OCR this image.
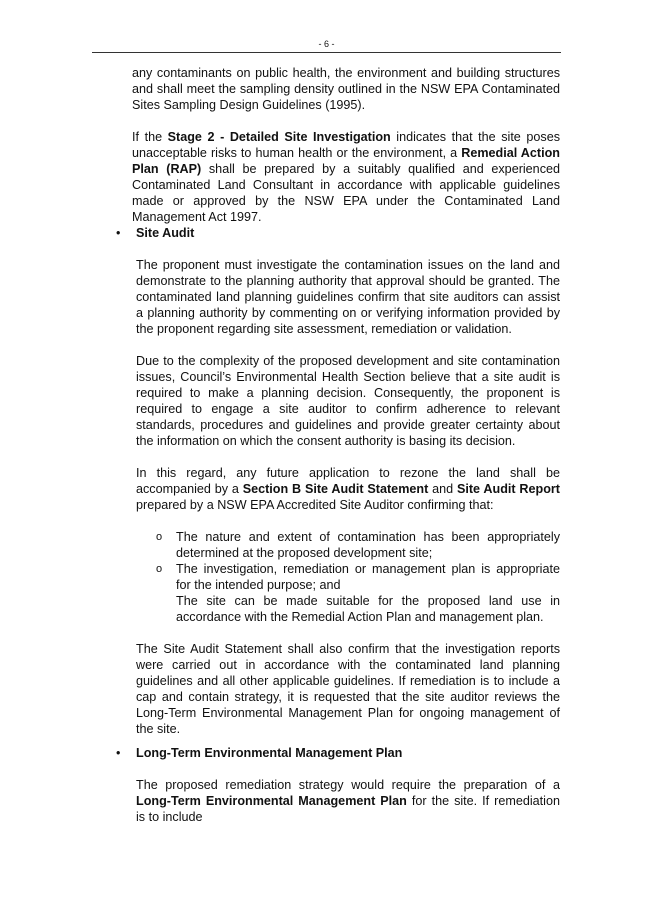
- 6 -

any contaminants on public health, the environment and building structures and shall meet the sampling density outlined in the NSW EPA Contaminated Sites Sampling Design Guidelines (1995).

If the Stage 2 - Detailed Site Investigation indicates that the site poses unacceptable risks to human health or the environment, a Remedial Action Plan (RAP) shall be prepared by a suitably qualified and experienced Contaminated Land Consultant in accordance with applicable guidelines made or approved by the NSW EPA under the Contaminated Land Management Act 1997.

• Site Audit

The proponent must investigate the contamination issues on the land and demonstrate to the planning authority that approval should be granted. The contaminated land planning guidelines confirm that site auditors can assist a planning authority by commenting on or verifying information provided by the proponent regarding site assessment, remediation or validation.

Due to the complexity of the proposed development and site contamination issues, Council’s Environmental Health Section believe that a site audit is required to make a planning decision. Consequently, the proponent is required to engage a site auditor to confirm adherence to relevant standards, procedures and guidelines and provide greater certainty about the information on which the consent authority is basing its decision.

In this regard, any future application to rezone the land shall be accompanied by a Section B Site Audit Statement and Site Audit Report prepared by a NSW EPA Accredited Site Auditor confirming that:

o The nature and extent of contamination has been appropriately determined at the proposed development site;

o The investigation, remediation or management plan is appropriate for the intended purpose; and

The site can be made suitable for the proposed land use in accordance with the Remedial Action Plan and management plan.

The Site Audit Statement shall also confirm that the investigation reports were carried out in accordance with the contaminated land planning guidelines and all other applicable guidelines. If remediation is to include a cap and contain strategy, it is requested that the site auditor reviews the Long-Term Environmental Management Plan for ongoing management of the site.

• Long-Term Environmental Management Plan

The proposed remediation strategy would require the preparation of a Long-Term Environmental Management Plan for the site. If remediation is to include
